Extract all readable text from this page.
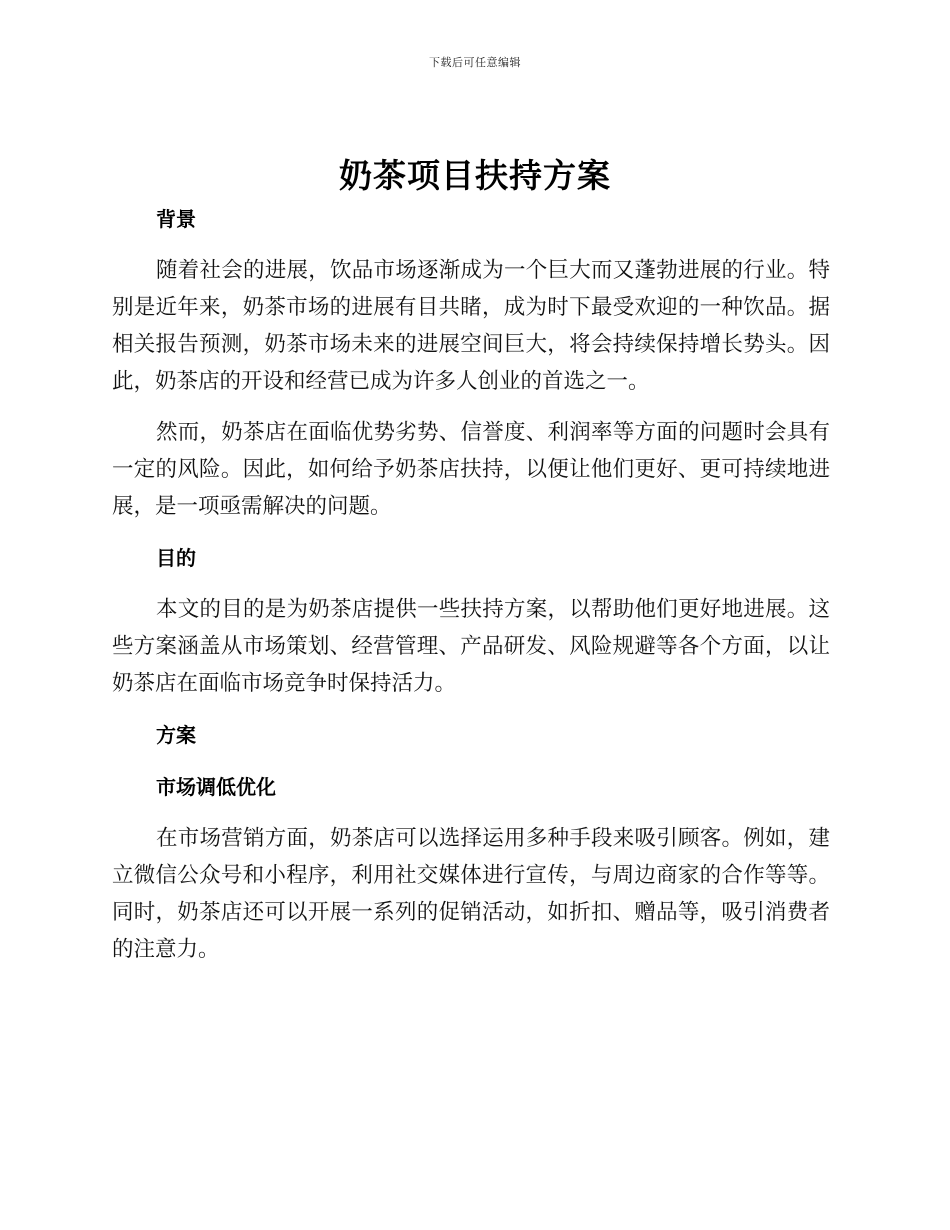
下载后可任意编辑
奶茶项目扶持方案
背景

随着社会的进展，饮品市场逐渐成为一个巨大而又蓬勃进展的行业。特别是近年来，奶茶市场的进展有目共睹，成为时下最受欢迎的一种饮品。据相关报告预测，奶茶市场未来的进展空间巨大，将会持续保持增长势头。因此，奶茶店的开设和经营已成为许多人创业的首选之一。

然而，奶茶店在面临优势劣势、信誉度、利润率等方面的问题时会具有一定的风险。因此，如何给予奶茶店扶持，以便让他们更好、更可持续地进展，是一项亟需解决的问题。

目的

本文的目的是为奶茶店提供一些扶持方案，以帮助他们更好地进展。这些方案涵盖从市场策划、经营管理、产品研发、风险规避等各个方面，以让奶茶店在面临市场竞争时保持活力。

方案
市场调低优化

在市场营销方面，奶茶店可以选择运用多种手段来吸引顾客。例如，建立微信公众号和小程序，利用社交媒体进行宣传，与周边商家的合作等等。同时，奶茶店还可以开展一系列的促销活动，如折扣、赠品等，吸引消费者的注意力。
